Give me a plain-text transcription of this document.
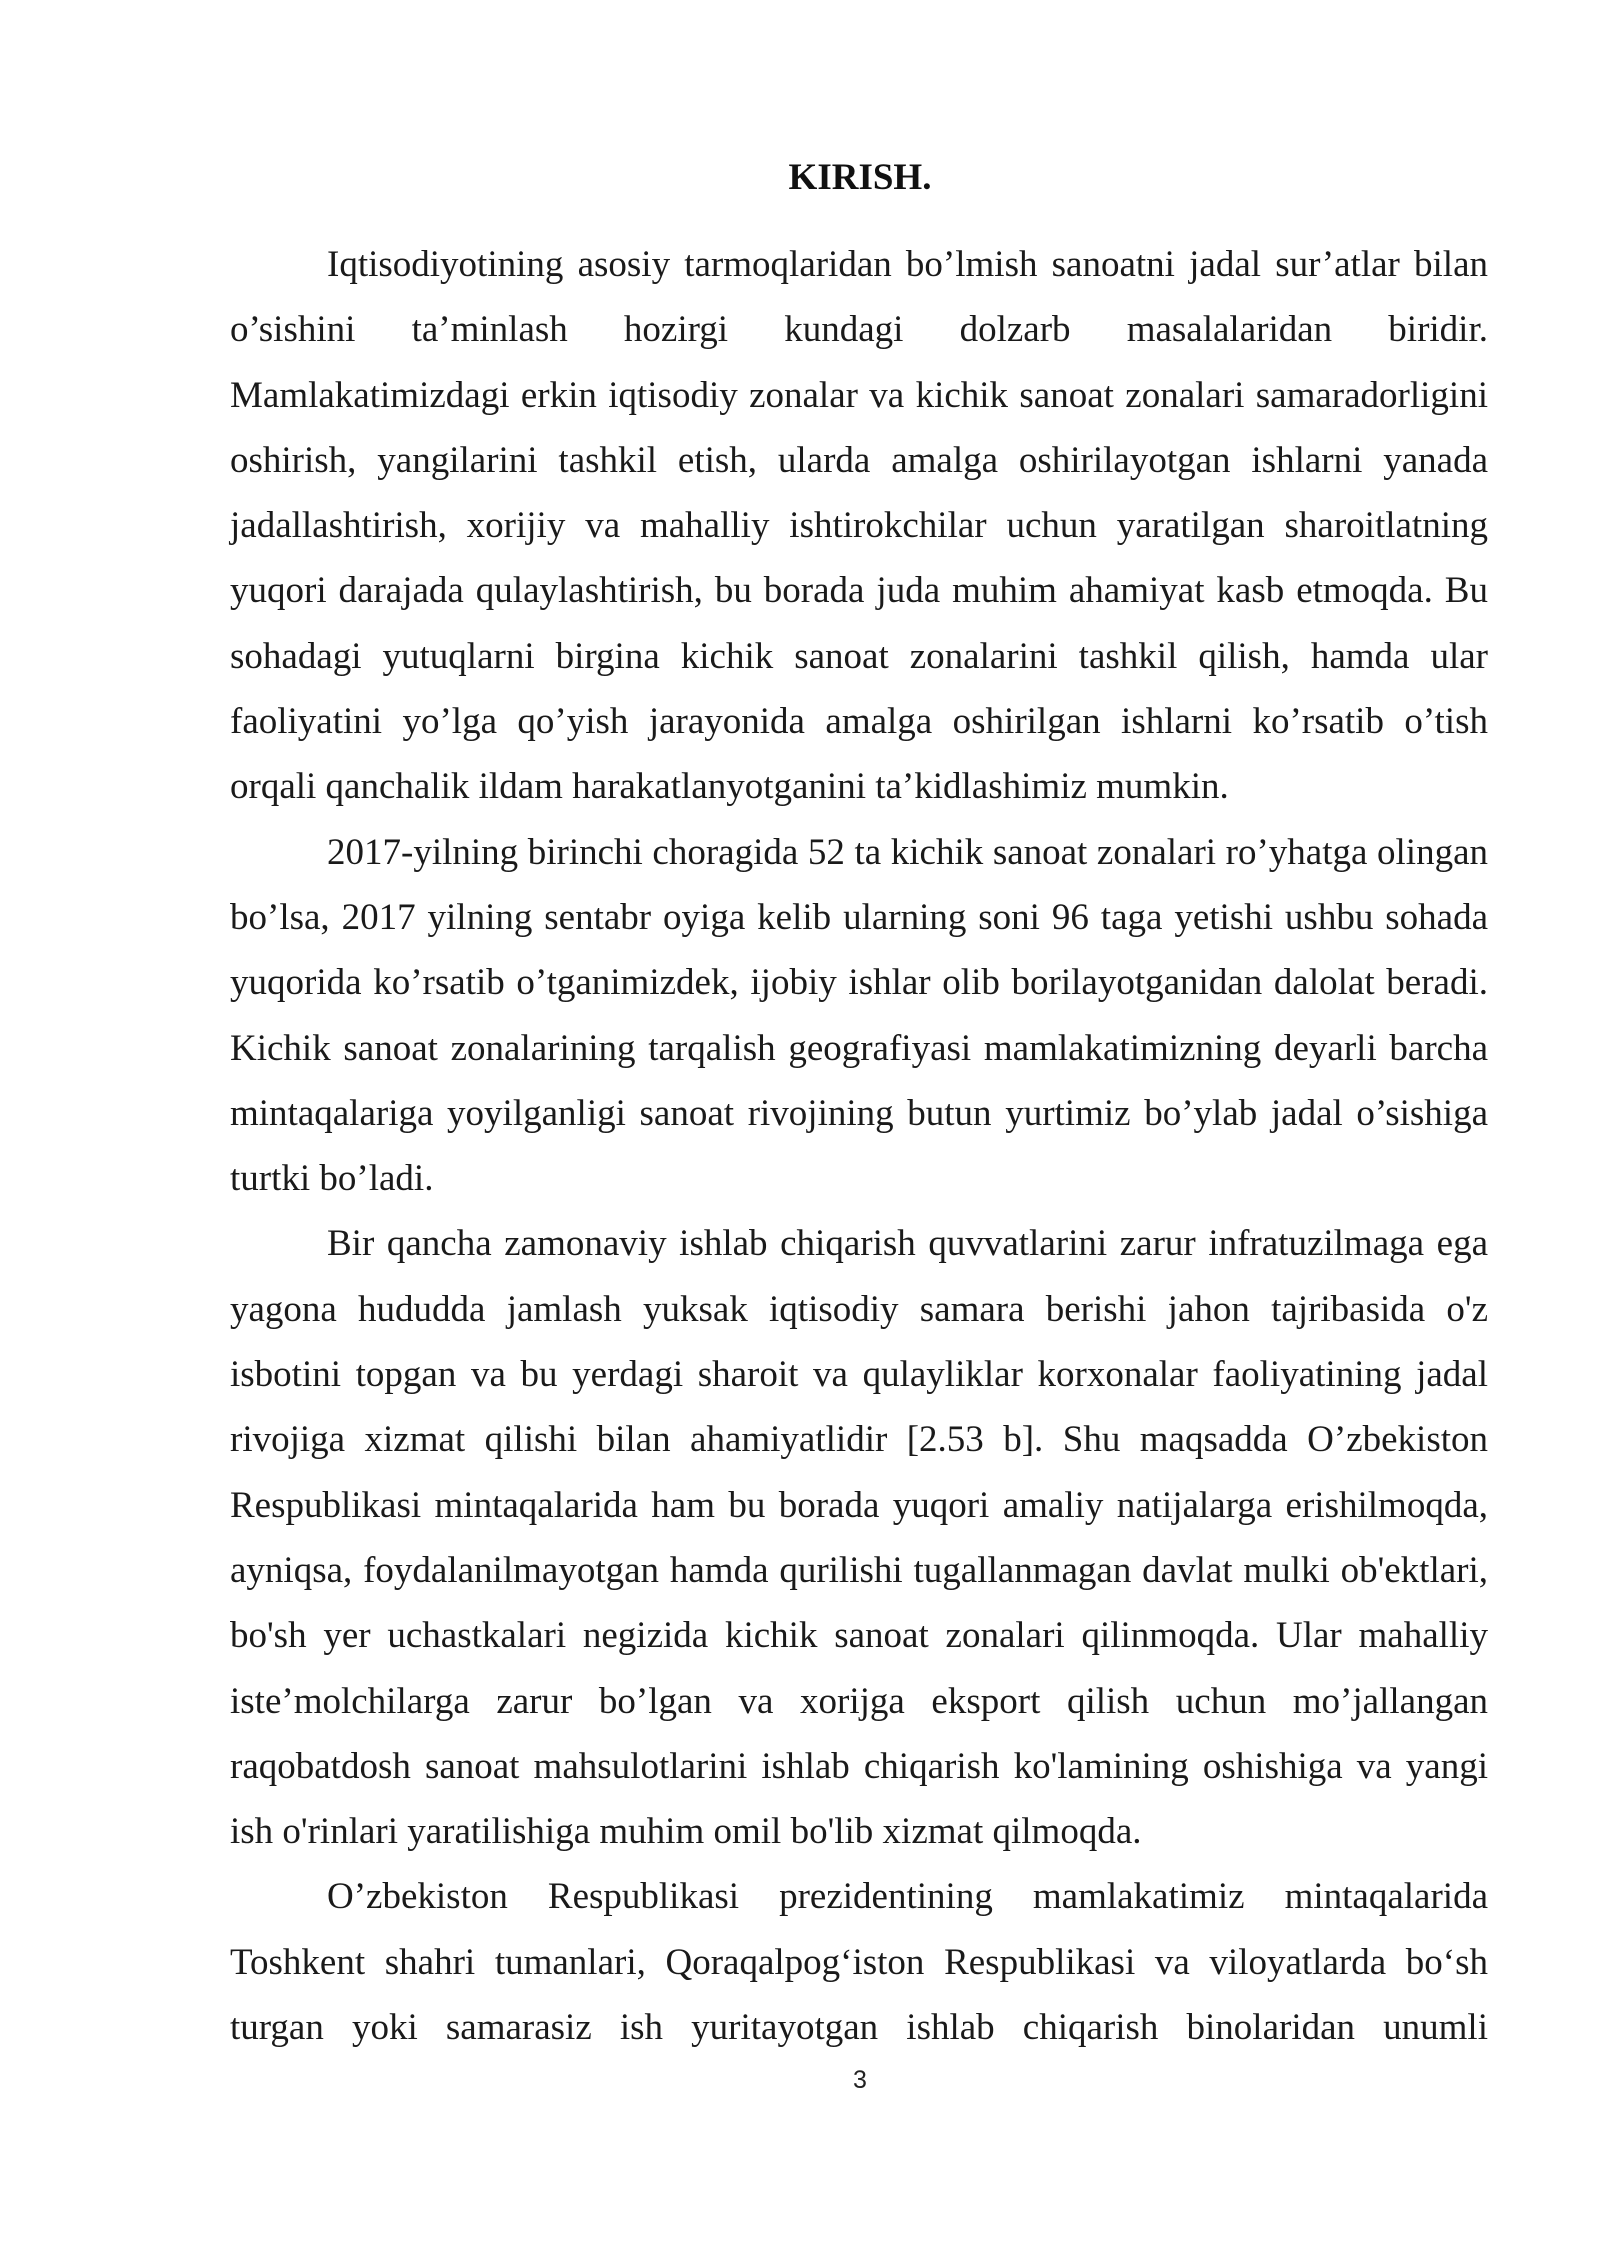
KIRISH.

Iqtisodiyotining asosiy tarmoqlaridan bo’lmish sanoatni jadal sur’atlar bilan o’sishini ta’minlash hozirgi kundagi dolzarb masalalaridan biridir. Mamlakatimizdagi erkin iqtisodiy zonalar va kichik sanoat zonalari samaradorligini oshirish, yangilarini tashkil etish, ularda amalga oshirilayotgan ishlarni yanada jadallashtirish, xorijiy va mahalliy ishtirokchilar uchun yaratilgan sharoitlatning yuqori darajada qulaylashtirish, bu borada juda muhim ahamiyat kasb etmoqda. Bu sohadagi yutuqlarni birgina kichik sanoat zonalarini tashkil qilish, hamda ular faoliyatini yo’lga qo’yish jarayonida amalga oshirilgan ishlarni ko’rsatib o’tish orqali qanchalik ildam harakatlanyotganini ta’kidlashimiz mumkin.

2017-yilning birinchi choragida 52 ta kichik sanoat zonalari ro’yhatga olingan bo’lsa, 2017 yilning sentabr oyiga kelib ularning soni 96 taga yetishi ushbu sohada yuqorida ko’rsatib o’tganimizdek, ijobiy ishlar olib borilayotganidan dalolat beradi. Kichik sanoat zonalarining tarqalish geografiyasi mamlakatimizning deyarli barcha mintaqalariga yoyilganligi sanoat rivojining butun yurtimiz bo’ylab jadal o’sishiga turtki bo’ladi.

Bir qancha zamonaviy ishlab chiqarish quvvatlarini zarur infratuzilmaga ega yagona hududda jamlash yuksak iqtisodiy samara berishi jahon tajribasida o'z isbotini topgan va bu yerdagi sharoit va qulayliklar korxonalar faoliyatining jadal rivojiga xizmat qilishi bilan ahamiyatlidir [2.53 b]. Shu maqsadda O’zbekiston Respublikasi mintaqalarida ham bu borada yuqori amaliy natijalarga erishilmoqda, ayniqsa, foydalanilmayotgan hamda qurilishi tugallanmagan davlat mulki ob'ektlari, bo'sh yer uchastkalari negizida kichik sanoat zonalari qilinmoqda. Ular mahalliy iste’molchilarga zarur bo’lgan va xorijga eksport qilish uchun mo’jallangan raqobatdosh sanoat mahsulotlarini ishlab chiqarish ko'lamining oshishiga va yangi ish o'rinlari yaratilishiga muhim omil bo'lib xizmat qilmoqda.

O’zbekiston Respublikasi prezidentining mamlakatimiz mintaqalarida Toshkent shahri tumanlari, Qoraqalpog‘iston Respublikasi va viloyatlarda bo‘sh turgan yoki samarasiz ish yuritayotgan ishlab chiqarish binolaridan unumli

3
